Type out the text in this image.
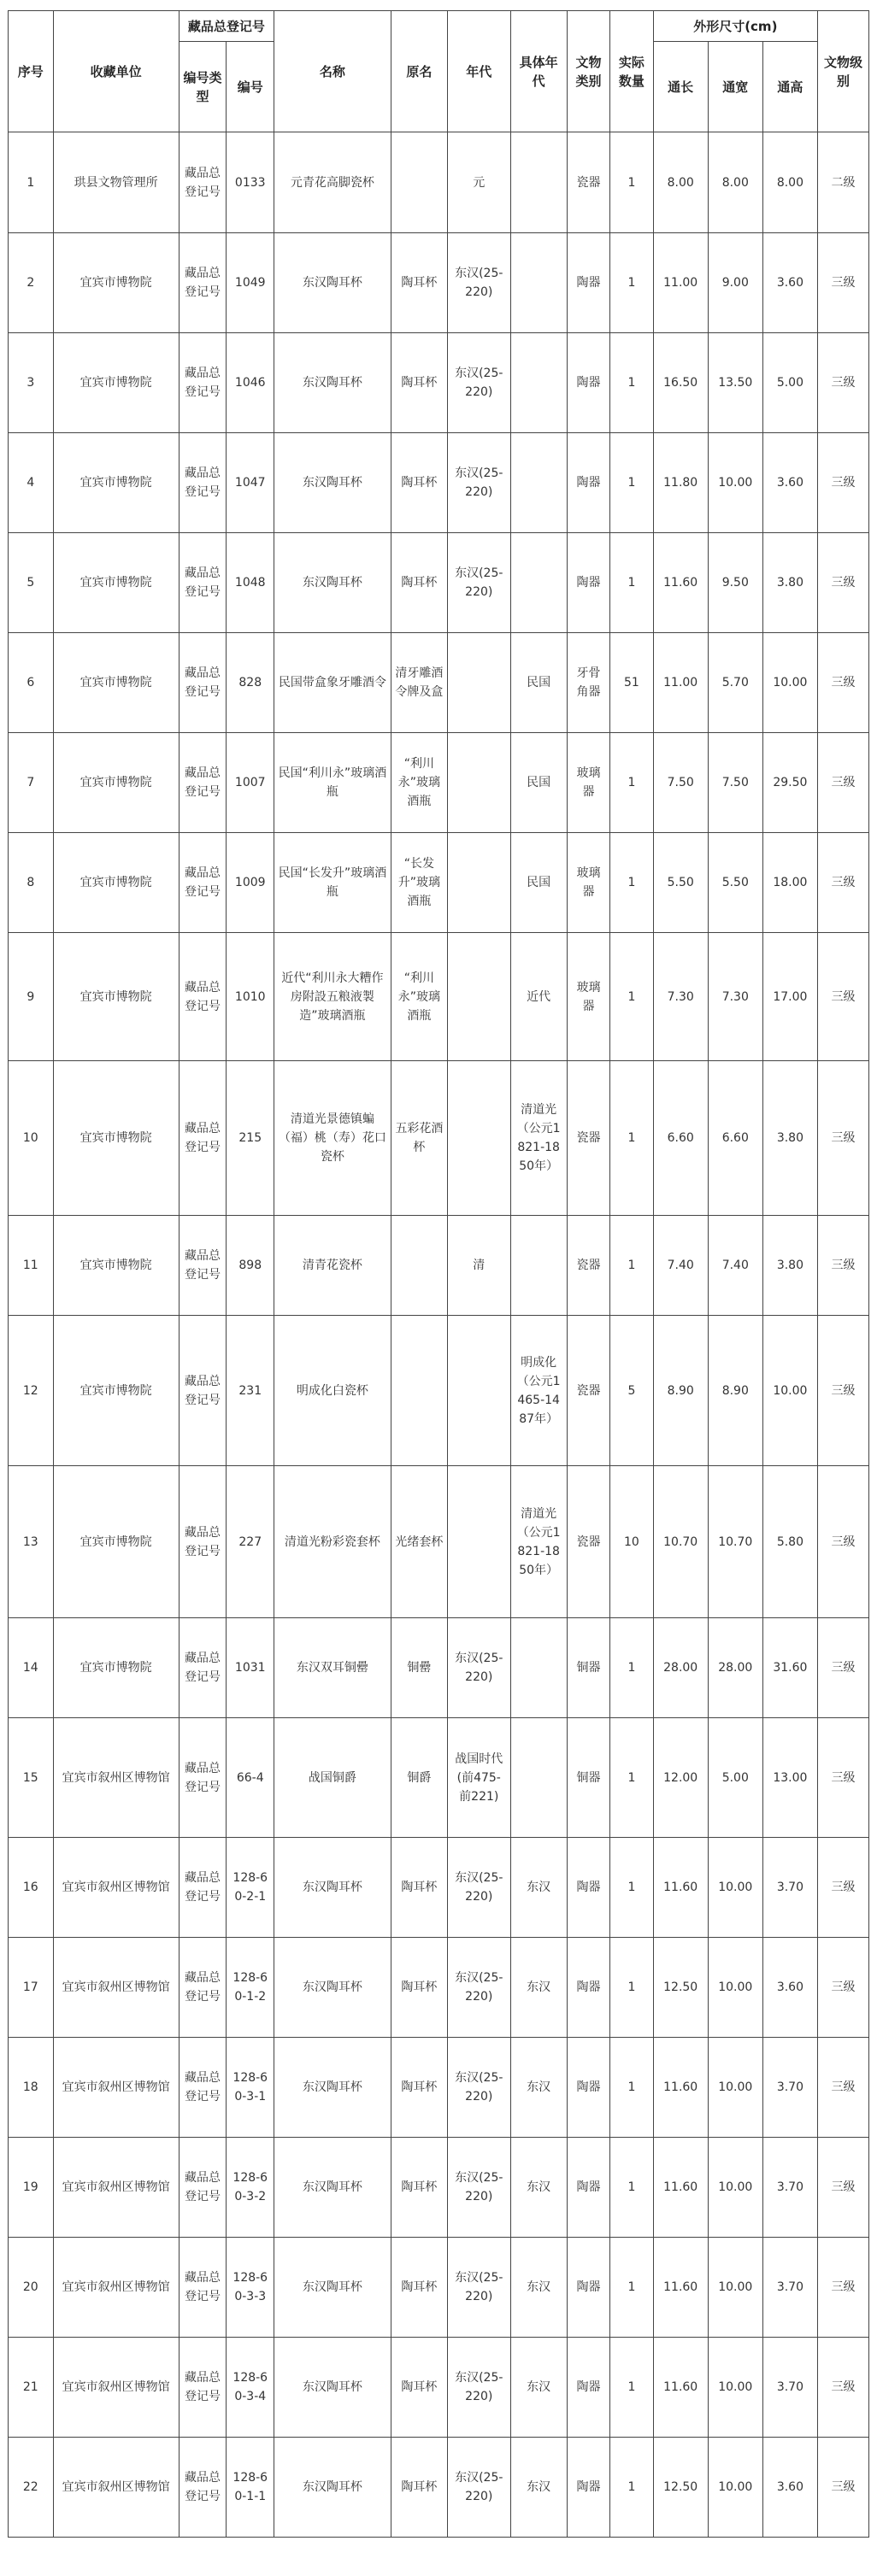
序号	收藏单位	藏品总登记号		名称	原名	年代	具体年代	文物类别	实际数量	外形尺寸(cm)			文物级别
		编号类型	编号							通长	通宽	通高	
1	珙县文物管理所	藏品总登记号	0133	元青花高脚瓷杯		元		瓷器	1	8.00	8.00	8.00	二级
2	宜宾市博物院	藏品总登记号	1049	东汉陶耳杯	陶耳杯	东汉(25-220)		陶器	1	11.00	9.00	3.60	三级
3	宜宾市博物院	藏品总登记号	1046	东汉陶耳杯	陶耳杯	东汉(25-220)		陶器	1	16.50	13.50	5.00	三级
4	宜宾市博物院	藏品总登记号	1047	东汉陶耳杯	陶耳杯	东汉(25-220)		陶器	1	11.80	10.00	3.60	三级
5	宜宾市博物院	藏品总登记号	1048	东汉陶耳杯	陶耳杯	东汉(25-220)		陶器	1	11.60	9.50	3.80	三级
6	宜宾市博物院	藏品总登记号	828	民国带盒象牙雕酒令	清牙雕酒令牌及盒		民国	牙骨角器	51	11.00	5.70	10.00	三级
7	宜宾市博物院	藏品总登记号	1007	民国“利川永”玻璃酒瓶	“利川永”玻璃酒瓶		民国	玻璃器	1	7.50	7.50	29.50	三级
8	宜宾市博物院	藏品总登记号	1009	民国“长发升”玻璃酒瓶	“长发升”玻璃酒瓶		民国	玻璃器	1	5.50	5.50	18.00	三级
9	宜宾市博物院	藏品总登记号	1010	近代“利川永大糟作房附設五粮液製造”玻璃酒瓶	“利川永”玻璃酒瓶		近代	玻璃器	1	7.30	7.30	17.00	三级
10	宜宾市博物院	藏品总登记号	215	清道光景德镇蝙（福）桃（寿）花口瓷杯	五彩花酒杯		清道光（公元1821-1850年）	瓷器	1	6.60	6.60	3.80	三级
11	宜宾市博物院	藏品总登记号	898	清青花瓷杯		清		瓷器	1	7.40	7.40	3.80	三级
12	宜宾市博物院	藏品总登记号	231	明成化白瓷杯			明成化（公元1465-1487年）	瓷器	5	8.90	8.90	10.00	三级
13	宜宾市博物院	藏品总登记号	227	清道光粉彩瓷套杯	光绪套杯		清道光（公元1821-1850年）	瓷器	10	10.70	10.70	5.80	三级
14	宜宾市博物院	藏品总登记号	1031	东汉双耳铜罍	铜罍	东汉(25-220)		铜器	1	28.00	28.00	31.60	三级
15	宜宾市叙州区博物馆	藏品总登记号	66-4	战国铜爵	铜爵	战国时代(前475-前221)		铜器	1	12.00	5.00	13.00	三级
16	宜宾市叙州区博物馆	藏品总登记号	128-60-2-1	东汉陶耳杯	陶耳杯	东汉(25-220)	东汉	陶器	1	11.60	10.00	3.70	三级
17	宜宾市叙州区博物馆	藏品总登记号	128-60-1-2	东汉陶耳杯	陶耳杯	东汉(25-220)	东汉	陶器	1	12.50	10.00	3.60	三级
18	宜宾市叙州区博物馆	藏品总登记号	128-60-3-1	东汉陶耳杯	陶耳杯	东汉(25-220)	东汉	陶器	1	11.60	10.00	3.70	三级
19	宜宾市叙州区博物馆	藏品总登记号	128-60-3-2	东汉陶耳杯	陶耳杯	东汉(25-220)	东汉	陶器	1	11.60	10.00	3.70	三级
20	宜宾市叙州区博物馆	藏品总登记号	128-60-3-3	东汉陶耳杯	陶耳杯	东汉(25-220)	东汉	陶器	1	11.60	10.00	3.70	三级
21	宜宾市叙州区博物馆	藏品总登记号	128-60-3-4	东汉陶耳杯	陶耳杯	东汉(25-220)	东汉	陶器	1	11.60	10.00	3.70	三级
22	宜宾市叙州区博物馆	藏品总登记号	128-60-1-1	东汉陶耳杯	陶耳杯	东汉(25-220)	东汉	陶器	1	12.50	10.00	3.60	三级
